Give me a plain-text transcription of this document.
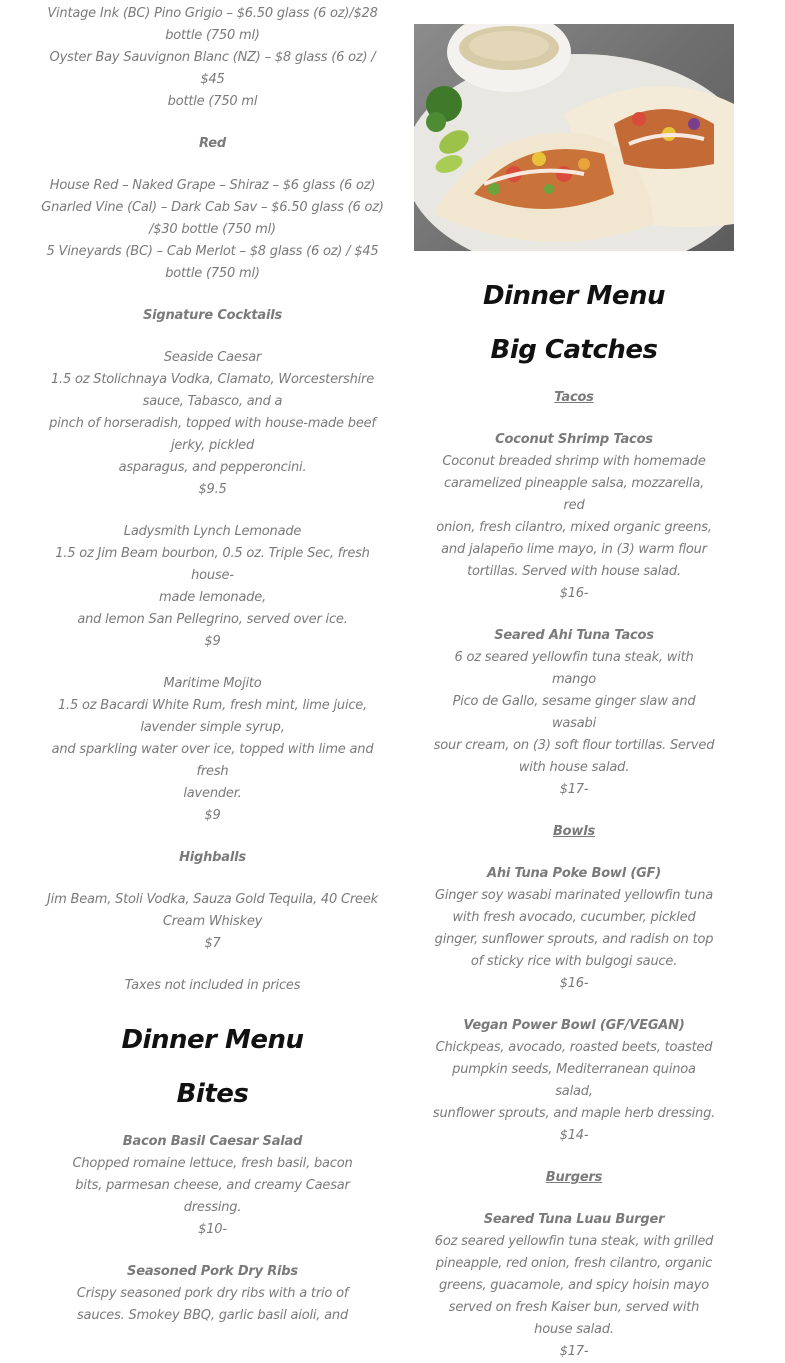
Vintage Ink (BC) Pino Grigio – $6.50 glass (6 oz)/$28
bottle (750 ml)
Oyster Bay Sauvignon Blanc (NZ) – $8 glass (6 oz) / $45
bottle (750 ml
Red
House Red – Naked Grape – Shiraz – $6 glass (6 oz)
Gnarled Vine (Cal) – Dark Cab Sav – $6.50 glass (6 oz)
/$30 bottle (750 ml)
5 Vineyards (BC) – Cab Merlot – $8 glass (6 oz) / $45
bottle (750 ml)
Signature Cocktails
Seaside Caesar
1.5 oz Stolichnaya Vodka, Clamato, Worcestershire
sauce, Tabasco, and a
pinch of horseradish, topped with house-made beef
jerky, pickled
asparagus, and pepperoncini.
$9.5
Ladysmith Lynch Lemonade
1.5 oz Jim Beam bourbon, 0.5 oz. Triple Sec, fresh house-
made lemonade,
and lemon San Pellegrino, served over ice.
$9
Maritime Mojito
1.5 oz Bacardi White Rum, fresh mint, lime juice,
lavender simple syrup,
and sparkling water over ice, topped with lime and fresh
lavender.
$9
Highballs
Jim Beam, Stoli Vodka, Sauza Gold Tequila, 40 Creek
Cream Whiskey
$7
Taxes not included in prices
Dinner Menu
Bites
Bacon Basil Caesar Salad
Chopped romaine lettuce, fresh basil, bacon
bits, parmesan cheese, and creamy Caesar
dressing.
$10-
Seasoned Pork Dry Ribs
Crispy seasoned pork dry ribs with a trio of
sauces. Smokey BBQ, garlic basil aioli, and
Dinner Menu
Big Catches
Tacos
Coconut Shrimp Tacos
Coconut breaded shrimp with homemade
caramelized pineapple salsa, mozzarella, red
onion, fresh cilantro, mixed organic greens,
and jalapeño lime mayo, in (3) warm flour
tortillas. Served with house salad.
$16-
Seared Ahi Tuna Tacos
6 oz seared yellowfin tuna steak, with mango
Pico de Gallo, sesame ginger slaw and wasabi
sour cream, on (3) soft flour tortillas. Served
with house salad.
$17-
Bowls
Ahi Tuna Poke Bowl (GF)
Ginger soy wasabi marinated yellowfin tuna
with fresh avocado, cucumber, pickled
ginger, sunflower sprouts, and radish on top
of sticky rice with bulgogi sauce.
$16-
Vegan Power Bowl (GF/VEGAN)
Chickpeas, avocado, roasted beets, toasted
pumpkin seeds, Mediterranean quinoa salad,
sunflower sprouts, and maple herb dressing.
$14-
Burgers
Seared Tuna Luau Burger
6oz seared yellowfin tuna steak, with grilled
pineapple, red onion, fresh cilantro, organic
greens, guacamole, and spicy hoisin mayo
served on fresh Kaiser bun, served with
house salad.
$17-
